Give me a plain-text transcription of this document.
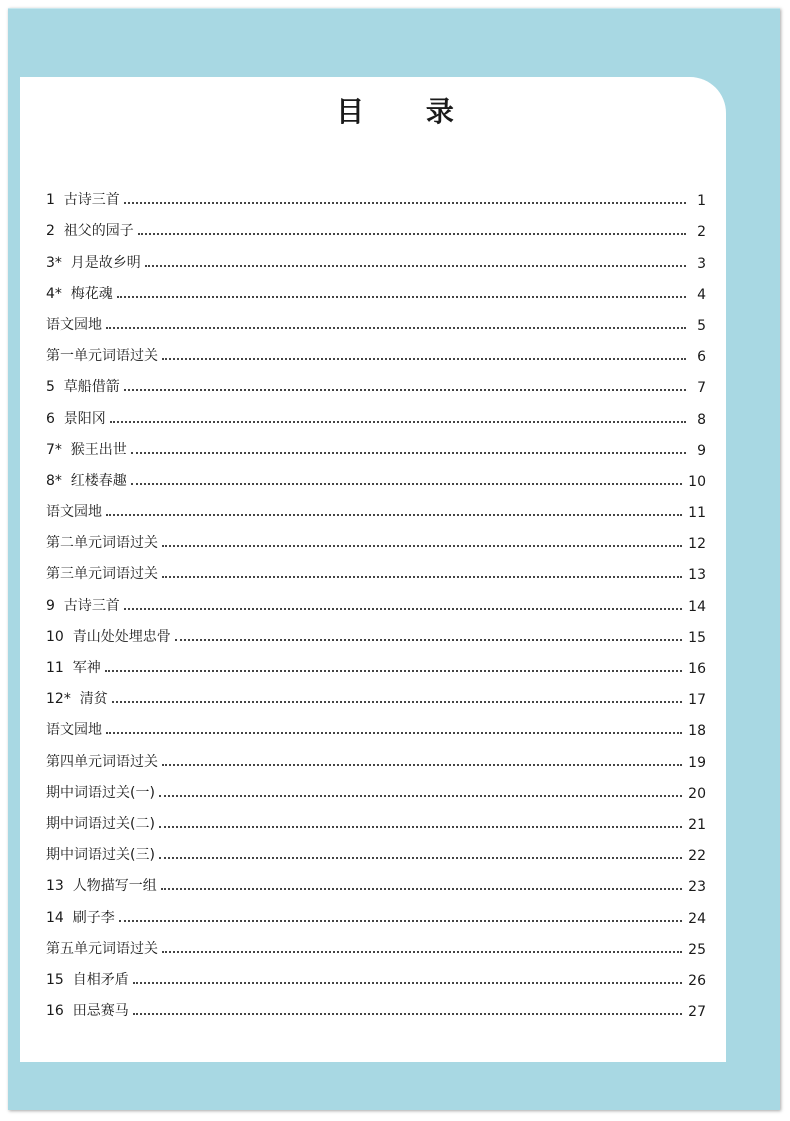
目 录
1  古诗三首	1
2  祖父的园子	2
3*  月是故乡明	3
4*  梅花魂	4
语文园地	5
第一单元词语过关	6
5  草船借箭	7
6  景阳冈	8
7*  猴王出世	9
8*  红楼春趣	10
语文园地	11
第二单元词语过关	12
第三单元词语过关	13
9  古诗三首	14
10  青山处处埋忠骨	15
11  军神	16
12*  清贫	17
语文园地	18
第四单元词语过关	19
期中词语过关(一)	20
期中词语过关(二)	21
期中词语过关(三)	22
13  人物描写一组	23
14  刷子李	24
第五单元词语过关	25
15  自相矛盾	26
16  田忌赛马	27
